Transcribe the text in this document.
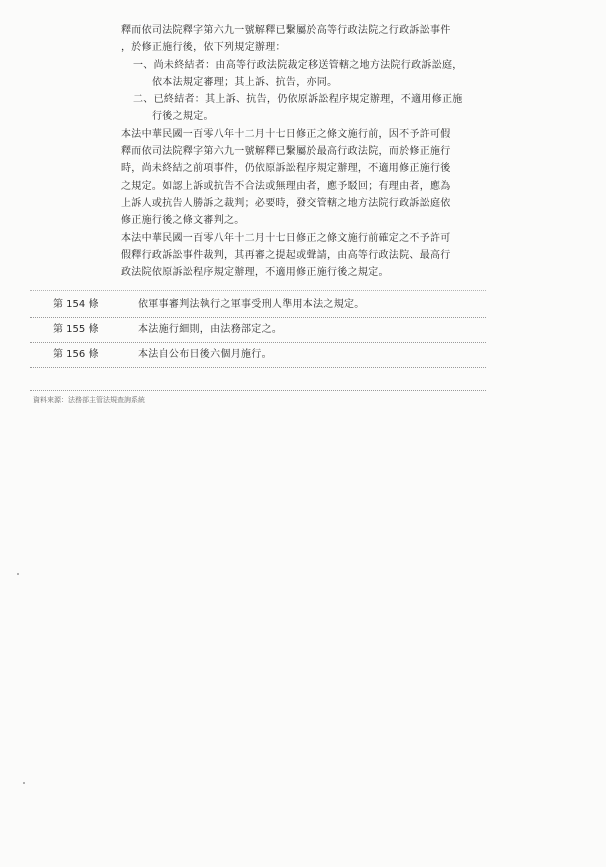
釋而依司法院釋字第六九一號解釋已繫屬於高等行政法院之行政訴訟事件
，於修正施行後，依下列規定辦理：
一、尚未終結者：由高等行政法院裁定移送管轄之地方法院行政訴訟庭，
依本法規定審理；其上訴、抗告，亦同。
二、已終結者：其上訴、抗告，仍依原訴訟程序規定辦理，不適用修正施
行後之規定。
本法中華民國一百零八年十二月十七日修正之條文施行前，因不予許可假
釋而依司法院釋字第六九一號解釋已繫屬於最高行政法院，而於修正施行
時，尚未終結之前項事件，仍依原訴訟程序規定辦理，不適用修正施行後
之規定。如認上訴或抗告不合法或無理由者，應予駁回；有理由者，應為
上訴人或抗告人勝訴之裁判；必要時，發交管轄之地方法院行政訴訟庭依
修正施行後之條文審判之。
本法中華民國一百零八年十二月十七日修正之條文施行前確定之不予許可
假釋行政訴訟事件裁判，其再審之提起或聲請，由高等行政法院、最高行
政法院依原訴訟程序規定辦理，不適用修正施行後之規定。
第 154 條	依軍事審判法執行之軍事受刑人準用本法之規定。
第 155 條	本法施行細則，由法務部定之。
第 156 條	本法自公布日後六個月施行。
資料來源：法務部主管法規查詢系統
